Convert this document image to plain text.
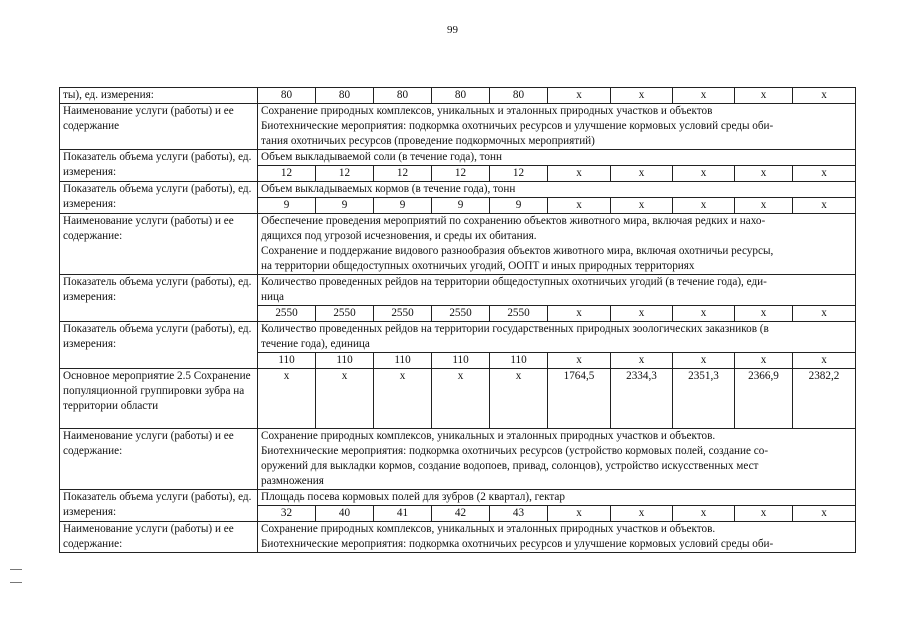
99
ты), ед. измерения:	80	80	80	80	80	х	х	х	х	х
Наименование услуги (работы) и ее содержание	Сохранение природных комплексов, уникальных и эталонных природных участков и объектов
Биотехнические мероприятия: подкормка охотничьих ресурсов и улучшение кормовых условий среды оби-
тания охотничьих ресурсов (проведение подкормочных мероприятий)									

Показатель объема услуги (работы), ед. измерения:	Объем выкладываемой соли (в течение года), тонн									
	12	12	12	12	12	х	х	х	х	х
Показатель объема услуги (работы), ед. измерения:	Объем выкладываемых кормов (в течение года), тонн									
	9	9	9	9	9	х	х	х	х	х
Наименование услуги (работы) и ее содержание:	Обеспечение проведения мероприятий по сохранению объектов животного мира, включая редких и нахо-
дящихся под угрозой исчезновения, и среды их обитания.
Сохранение и поддержание видового разнообразия объектов животного мира, включая охотничьи ресурсы,
на территории общедоступных охотничьих угодий, ООПТ и иных природных территориях									

Показатель объема услуги (работы), ед. измерения:	Количество проведенных рейдов на территории общедоступных охотничьих угодий (в течение года), еди-
ница									

	2550	2550	2550	2550	2550	х	х	х	х	х
Показатель объема услуги (работы), ед. измерения:	Количество проведенных рейдов на территории государственных природных зоологических заказников (в
течение года), единица									

	110	110	110	110	110	х	х	х	х	х
Основное мероприятие 2.5 Сохранение популяционной группировки зубра на территории области	х	х	х	х	х	1764,5	2334,3	2351,3	2366,9	2382,2
Наименование услуги (работы) и ее содержание:	Сохранение природных комплексов, уникальных и эталонных природных участков и объектов.
Биотехнические мероприятия: подкормка охотничьих ресурсов (устройство кормовых полей, создание со-
оружений для выкладки кормов, создание водопоев, привад, солонцов), устройство искусственных мест
размножения									

Показатель объема услуги (работы), ед. измерения:	Площадь посева кормовых полей для зубров (2 квартал), гектар									
	32	40	41	42	43	х	х	х	х	х
Наименование услуги (работы) и ее содержание:	Сохранение природных комплексов, уникальных и эталонных природных участков и объектов.
Биотехнические мероприятия: подкормка охотничьих ресурсов и улучшение кормовых условий среды оби-									
